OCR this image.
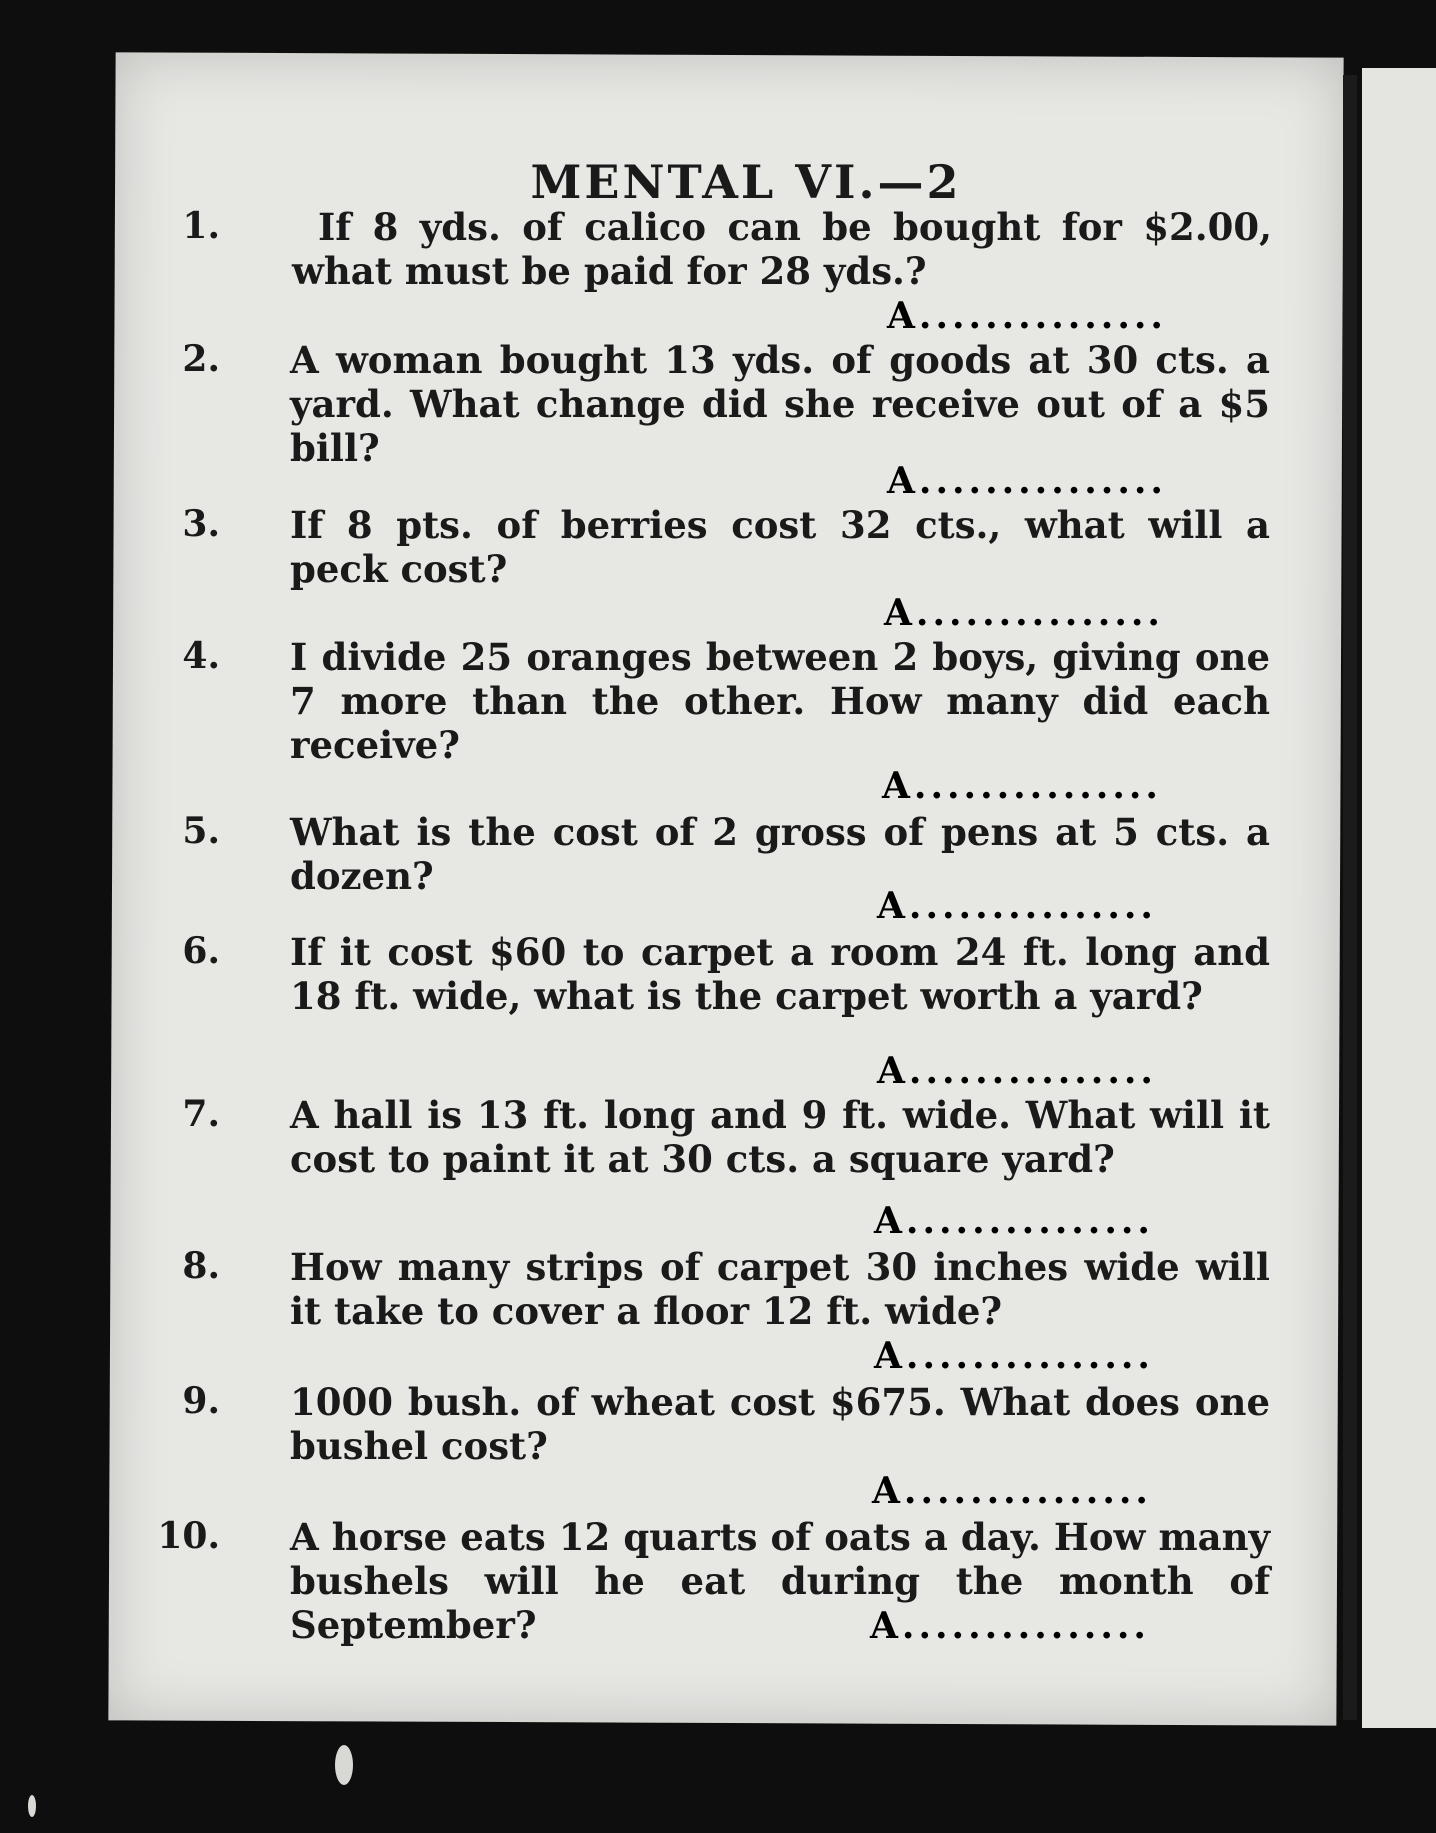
MENTAL VI.—2
1.	If 8 yds. of calico can be bought for $2.00, what must be paid for 28 yds.?

A...............
2. A woman bought 13 yds. of goods at 30 cts. a yard. What change did she receive out of a $5 bill?

A...............
3. If 8 pts. of berries cost 32 cts., what will a peck cost?

A...............
4. I divide 25 oranges between 2 boys, giving one 7 more than the other. How many did each receive?

A...............
5. What is the cost of 2 gross of pens at 5 cts. a dozen?

A...............
6. If it cost $60 to carpet a room 24 ft. long and 18 ft. wide, what is the carpet worth a yard?

A...............
7. A hall is 13 ft. long and 9 ft. wide. What will it cost to paint it at 30 cts. a square yard?

A...............
8. How many strips of carpet 30 inches wide will it take to cover a floor 12 ft. wide?

A...............
9. 1000 bush. of wheat cost $675. What does one bushel cost?

A...............
10. A horse eats 12 quarts of oats a day. How many bushels will he eat during the month of September?	A...............
